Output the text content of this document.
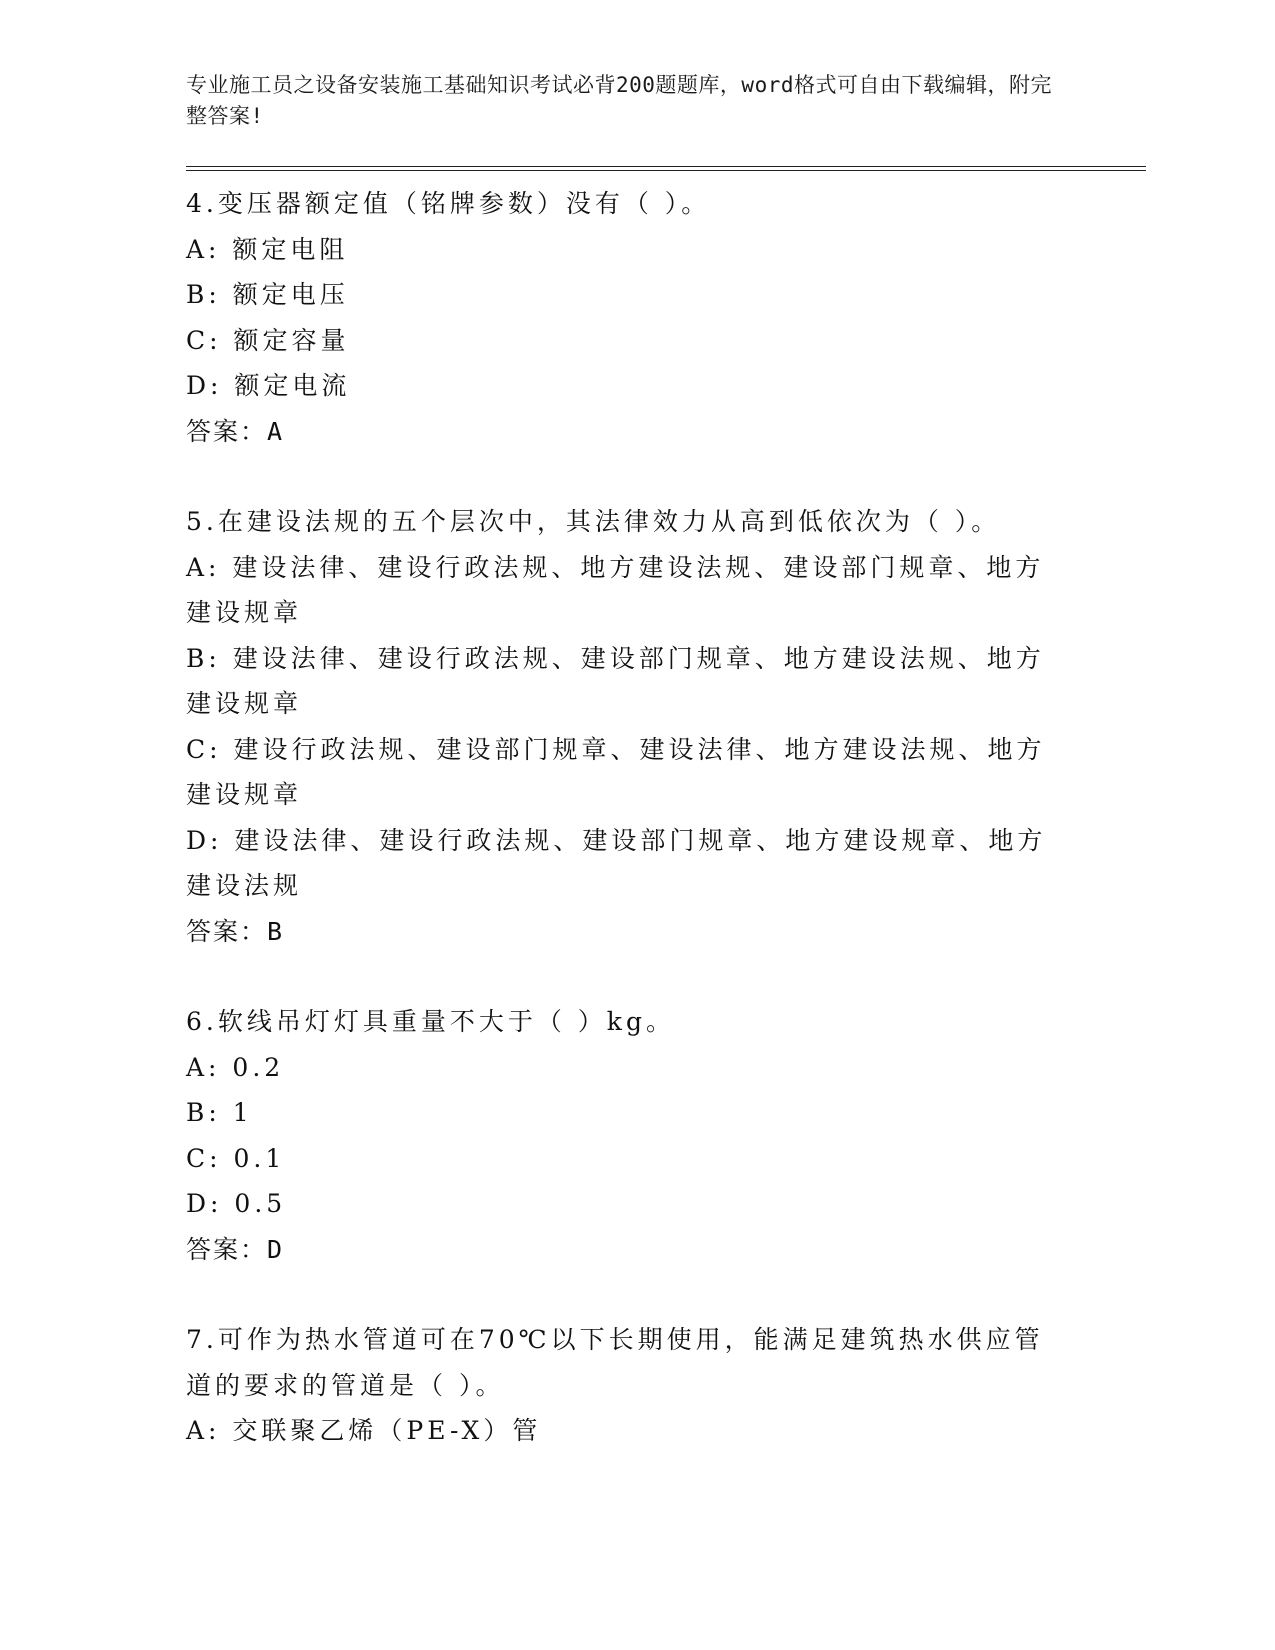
专业施工员之设备安装施工基础知识考试必背200题题库，word格式可自由下载编辑，附完整答案!
4.变压器额定值（铭牌参数）没有（ ）。
A: 额定电阻
B: 额定电压
C: 额定容量
D: 额定电流
答案：A
5.在建设法规的五个层次中，其法律效力从高到低依次为（ ）。
A: 建设法律、建设行政法规、地方建设法规、建设部门规章、地方建设规章
B: 建设法律、建设行政法规、建设部门规章、地方建设法规、地方建设规章
C: 建设行政法规、建设部门规章、建设法律、地方建设法规、地方建设规章
D: 建设法律、建设行政法规、建设部门规章、地方建设规章、地方建设法规
答案：B
6.软线吊灯灯具重量不大于（ ）kg。
A: 0.2
B: 1
C: 0.1
D: 0.5
答案：D
7.可作为热水管道可在70℃以下长期使用，能满足建筑热水供应管道的要求的管道是（ ）。
A: 交联聚乙烯（PE-X）管
